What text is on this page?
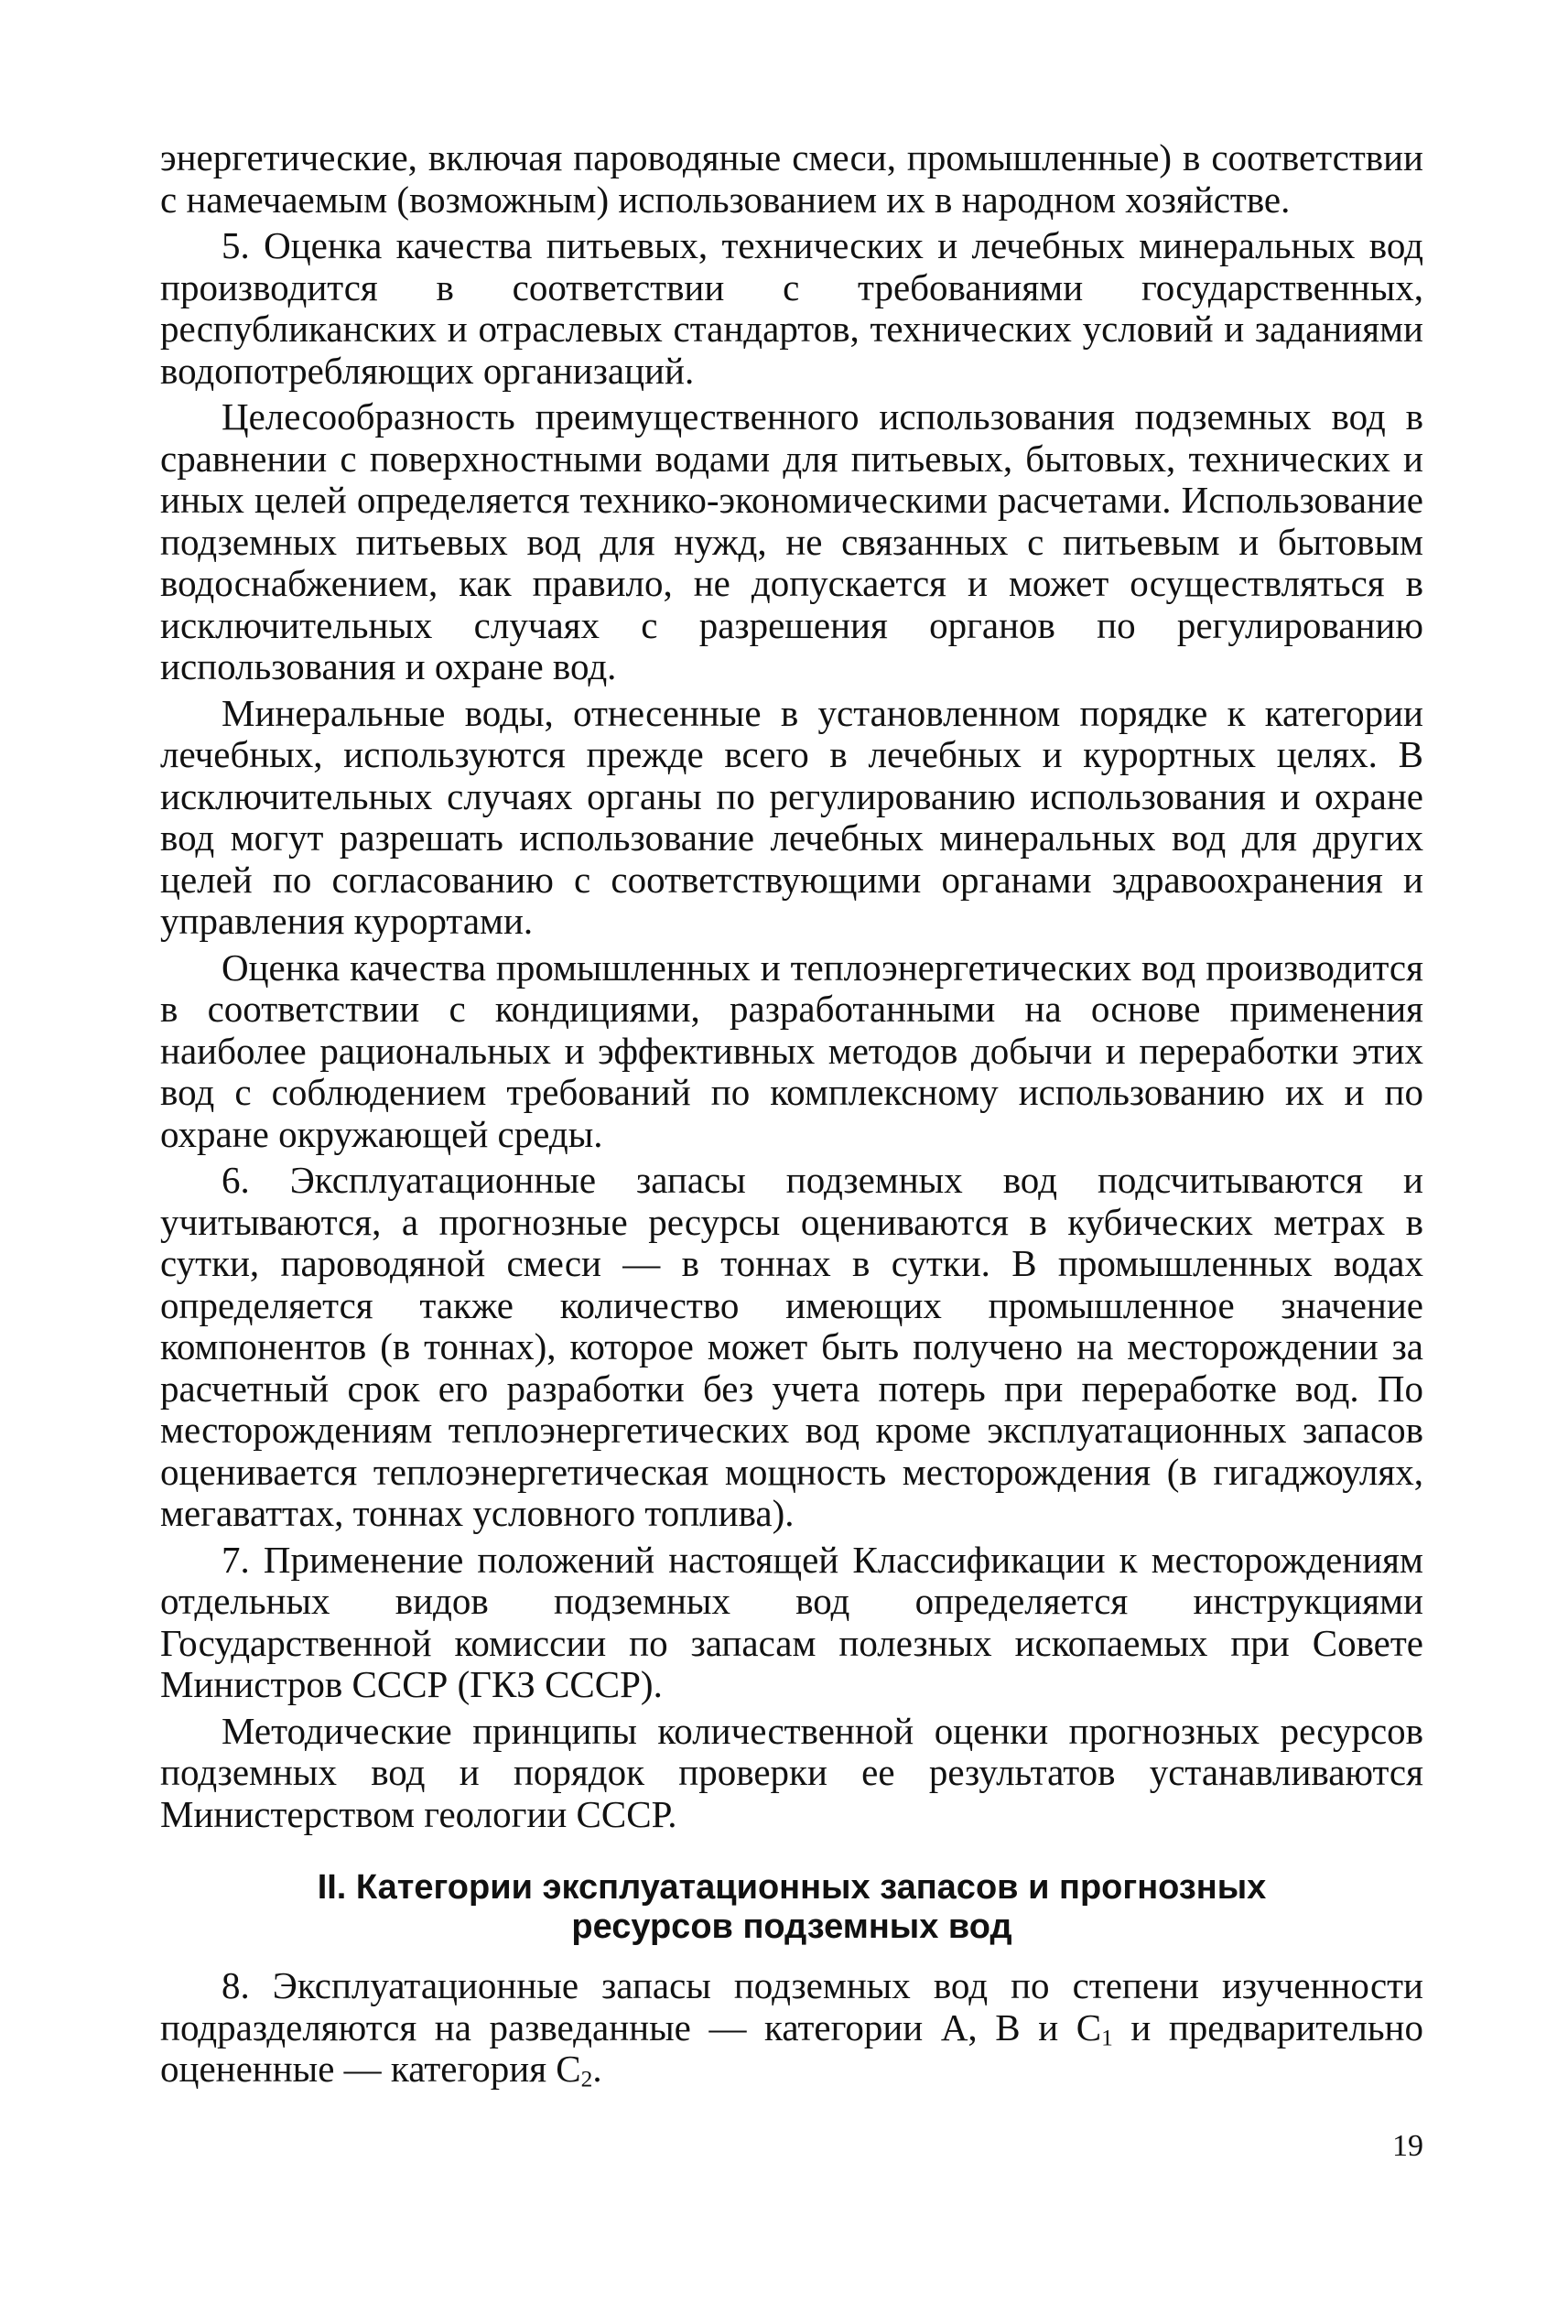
энергетические, включая пароводяные смеси, промышленные) в соответствии с намечаемым (возможным) использованием их в народном хозяйстве.

5. Оценка качества питьевых, технических и лечебных минеральных вод производится в соответствии с требованиями государственных, республиканских и отраслевых стандартов, технических условий и заданиями водопотребляющих организаций.

Целесообразность преимущественного использования подземных вод в сравнении с поверхностными водами для питьевых, бытовых, технических и иных целей определяется технико-экономическими расчетами. Использование подземных питьевых вод для нужд, не связанных с питьевым и бытовым водоснабжением, как правило, не допускается и может осуществляться в исключительных случаях с разрешения органов по регулированию использования и охране вод.

Минеральные воды, отнесенные в установленном порядке к категории лечебных, используются прежде всего в лечебных и курортных целях. В исключительных случаях органы по регулированию использования и охране вод могут разрешать использование лечебных минеральных вод для других целей по согласованию с соответствующими органами здравоохранения и управления курортами.

Оценка качества промышленных и теплоэнергетических вод производится в соответствии с кондициями, разработанными на основе применения наиболее рациональных и эффективных методов добычи и переработки этих вод с соблюдением требований по комплексному использованию их и по охране окружающей среды.

6. Эксплуатационные запасы подземных вод подсчитываются и учитываются, а прогнозные ресурсы оцениваются в кубических метрах в сутки, пароводяной смеси — в тоннах в сутки. В промышленных водах определяется также количество имеющих промышленное значение компонентов (в тоннах), которое может быть получено на месторождении за расчетный срок его разработки без учета потерь при переработке вод. По месторождениям теплоэнергетических вод кроме эксплуатационных запасов оценивается теплоэнергетическая мощность месторождения (в гигаджоулях, мегаваттах, тоннах условного топлива).

7. Применение положений настоящей Классификации к месторождениям отдельных видов подземных вод определяется инструкциями Государственной комиссии по запасам полезных ископаемых при Совете Министров СССР (ГКЗ СССР).

Методические принципы количественной оценки прогнозных ресурсов подземных вод и порядок проверки ее результатов устанавливаются Министерством геологии СССР.

II. Категории эксплуатационных запасов и прогнозных
ресурсов подземных вод

8. Эксплуатационные запасы подземных вод по степени изученности подразделяются на разведанные — категории А, В и $С_1$ и предварительно оцененные — категория $С_2$.

19
